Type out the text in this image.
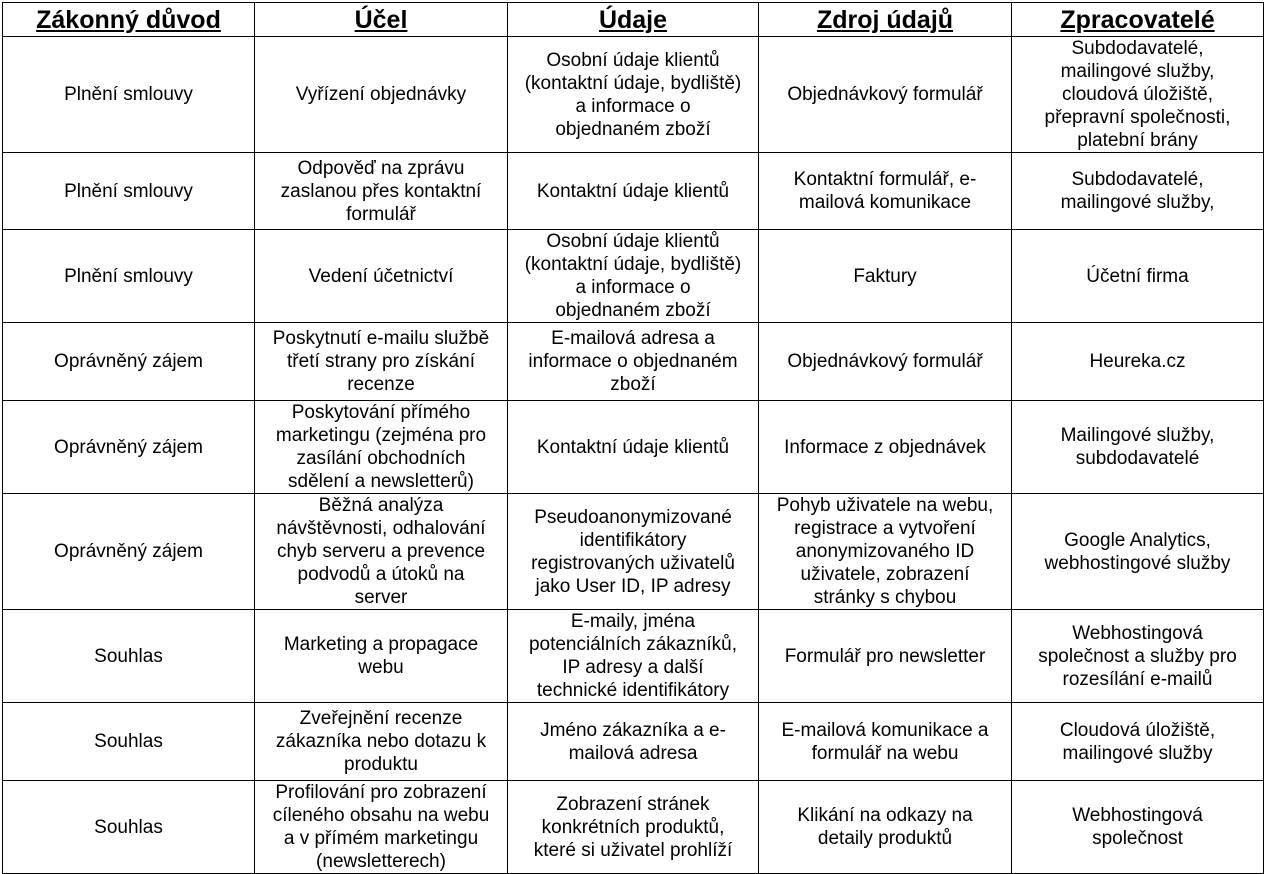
Zákonný důvod	Účel	Údaje	Zdroj údajů	Zpracovatelé
Plnění smlouvy	Vyřízení objednávky	Osobní údaje klientů
(kontaktní údaje, bydliště)
a informace o
objednaném zboží	Objednávkový formulář	Subdodavatelé,
mailingové služby,
cloudová úložiště,
přepravní společnosti,
platební brány
Plnění smlouvy	Odpověď na zprávu
zaslanou přes kontaktní
formulář	Kontaktní údaje klientů	Kontaktní formulář, e-
mailová komunikace	Subdodavatelé,
mailingové služby,
Plnění smlouvy	Vedení účetnictví	Osobní údaje klientů
(kontaktní údaje, bydliště)
a informace o
objednaném zboží	Faktury	Účetní firma
Oprávněný zájem	Poskytnutí e-mailu službě
třetí strany pro získání
recenze	E-mailová adresa a
informace o objednaném
zboží	Objednávkový formulář	Heureka.cz
Oprávněný zájem	Poskytování přímého
marketingu (zejména pro
zasílání obchodních
sdělení a newsletterů)	Kontaktní údaje klientů	Informace z objednávek	Mailingové služby,
subdodavatelé
Oprávněný zájem	Běžná analýza
návštěvnosti, odhalování
chyb serveru a prevence
podvodů a útoků na
server	Pseudoanonymizované
identifikátory
registrovaných uživatelů
jako User ID, IP adresy	Pohyb uživatele na webu,
registrace a vytvoření
anonymizovaného ID
uživatele, zobrazení
stránky s chybou	Google Analytics,
webhostingové služby
Souhlas	Marketing a propagace
webu	E-maily, jména
potenciálních zákazníků,
IP adresy a další
technické identifikátory	Formulář pro newsletter	Webhostingová
společnost a služby pro
rozesílání e-mailů
Souhlas	Zveřejnění recenze
zákazníka nebo dotazu k
produktu	Jméno zákazníka a e-
mailová adresa	E-mailová komunikace a
formulář na webu	Cloudová úložiště,
mailingové služby
Souhlas	Profilování pro zobrazení
cíleného obsahu na webu
a v přímém marketingu
(newsletterech)	Zobrazení stránek
konkrétních produktů,
které si uživatel prohlíží	Klikání na odkazy na
detaily produktů	Webhostingová
společnost
